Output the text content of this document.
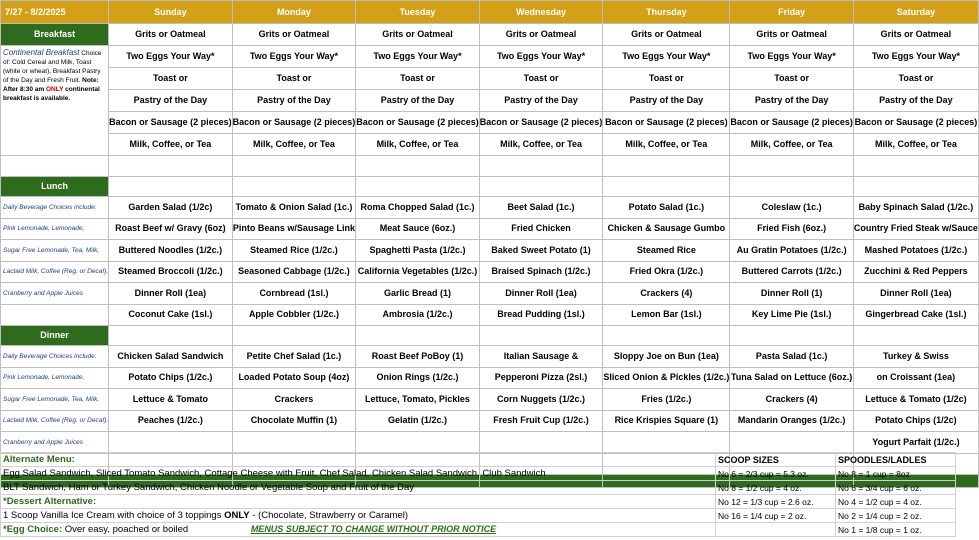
7/27 - 8/2/2025	Sunday	Monday	Tuesday	Wednesday	Thursday	Friday	Saturday
Breakfast	Grits or Oatmeal	Grits or Oatmeal	Grits or Oatmeal	Grits or Oatmeal	Grits or Oatmeal	Grits or Oatmeal	Grits or Oatmeal
Continental Breakfast Choice of: Cold Cereal and Milk, Toast (white or wheat), Breakfast Pastry of the Day and Fresh Fruit. Note: After 8:30 am ONLY continental breakfast is available.	Two Eggs Your Way*	Two Eggs Your Way*	Two Eggs Your Way*	Two Eggs Your Way*	Two Eggs Your Way*	Two Eggs Your Way*	Two Eggs Your Way*
	Toast or	Toast or	Toast or	Toast or	Toast or	Toast or	Toast or
	Pastry of the Day	Pastry of the Day	Pastry of the Day	Pastry of the Day	Pastry of the Day	Pastry of the Day	Pastry of the Day
	Bacon or Sausage (2 pieces)	Bacon or Sausage (2 pieces)	Bacon or Sausage (2 pieces)	Bacon or Sausage (2 pieces)	Bacon or Sausage (2 pieces)	Bacon or Sausage (2 pieces)	Bacon or Sausage (2 pieces)
	Milk, Coffee, or Tea	Milk, Coffee, or Tea	Milk, Coffee, or Tea	Milk, Coffee, or Tea	Milk, Coffee, or Tea	Milk, Coffee, or Tea	Milk, Coffee, or Tea

Lunch							
Daily Beverage Choices include:	Garden Salad (1/2c)	Tomato & Onion Salad (1c.)	Roma Chopped Salad (1c.)	Beet Salad (1c.)	Potato Salad (1c.)	Coleslaw (1c.)	Baby Spinach Salad (1/2c.)
Pink Lemonade, Lemonade,	Roast Beef w/ Gravy (6oz)	Pinto Beans w/Sausage Link	Meat Sauce (6oz.)	Fried Chicken	Chicken & Sausage Gumbo	Fried Fish (6oz.)	Country Fried Steak w/Sauce
Sugar Free Lemonade, Tea, Milk,	Buttered Noodles (1/2c.)	Steamed Rice (1/2c.)	Spaghetti Pasta (1/2c.)	Baked Sweet Potato (1)	Steamed Rice	Au Gratin Potatoes (1/2c.)	Mashed Potatoes (1/2c.)
Lactaid Milk, Coffee (Reg. or Decaf),	Steamed Broccoli (1/2c.)	Seasoned Cabbage (1/2c.)	California Vegetables (1/2c.)	Braised Spinach (1/2c.)	Fried Okra (1/2c.)	Buttered Carrots (1/2c.)	Zucchini & Red Peppers
Cranberry and Apple Juices	Dinner Roll (1ea)	Cornbread (1sl.)	Garlic Bread (1)	Dinner Roll (1ea)	Crackers (4)	Dinner Roll (1)	Dinner Roll (1ea)
	Coconut Cake (1sl.)	Apple Cobbler (1/2c.)	Ambrosia (1/2c.)	Bread Pudding (1sl.)	Lemon Bar (1sl.)	Key Lime Pie (1sl.)	Gingerbread Cake (1sl.)
Dinner							
Daily Beverage Choices include:	Chicken Salad Sandwich	Petite Chef Salad (1c.)	Roast Beef PoBoy (1)	Italian Sausage &	Sloppy Joe on Bun (1ea)	Pasta Salad (1c.)	Turkey & Swiss
Pink Lemonade, Lemonade,	Potato Chips (1/2c.)	Loaded Potato Soup (4oz)	Onion Rings (1/2c.)	Pepperoni Pizza (2sl.)	Sliced Onion & Pickles (1/2c.)	Tuna Salad on Lettuce (6oz.)	on Croissant (1ea)
Sugar Free Lemonade, Tea, Milk,	Lettuce & Tomato	Crackers	Lettuce, Tomato, Pickles	Corn Nuggets (1/2c.)	Fries (1/2c.)	Crackers (4)	Lettuce & Tomato (1/2c)
Lactaid Milk, Coffee (Reg. or Decaf),	Peaches (1/2c.)	Chocolate Muffin (1)	Gelatin (1/2c.)	Fresh Fruit Cup (1/2c.)	Rice Krispies Square (1)	Mandarin Oranges (1/2c.)	Potato Chips (1/2c)
Cranberry and Apple Juices							Yogurt Parfait (1/2c.)

Alternate Menu:	SCOOP SIZES	SPOODLES/LADLES
Egg Salad Sandwich, Sliced Tomato Sandwich, Cottage Cheese with Fruit, Chef Salad, Chicken Salad Sandwich, Club Sandwich	No 6 = 2/3 cup = 5.3 oz.	No 8 = 1 cup = 8oz
BLT Sandwich, Ham or Turkey Sandwich, Chicken Noodle or Vegetable Soup and Fruit of the Day	No 8 = 1/2 cup = 4 oz.	No 6 = 3/4 cup = 6 oz.
*Dessert Alternative:	No 12 = 1/3 cup = 2.6 oz.	No 4 = 1/2 cup = 4 oz.
1 Scoop Vanilla Ice Cream with choice of 3 toppings ONLY - (Chocolate, Strawberry or Caramel)	No 16 = 1/4 cup = 2 oz.	No 2 = 1/4 cup = 2 oz.
*Egg Choice: Over easy, poached or boiled MENUS SUBJECT TO CHANGE WITHOUT PRIOR NOTICE		No 1 = 1/8 cup = 1 oz.
